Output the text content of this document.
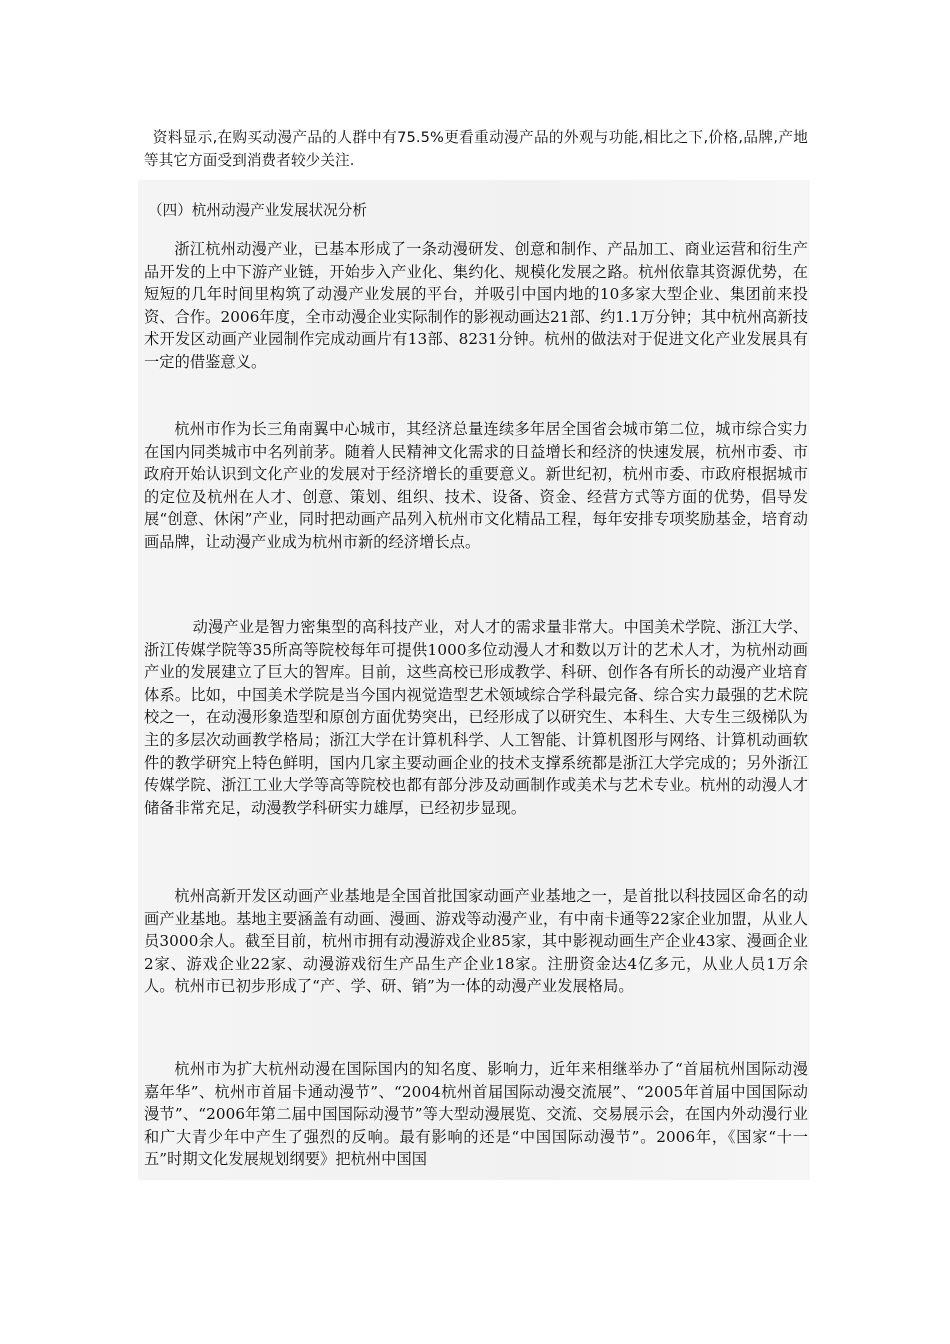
资料显示,在购买动漫产品的人群中有75.5%更看重动漫产品的外观与功能,相比之下,价格,品牌,产地等其它方面受到消费者较少关注.

（四）杭州动漫产业发展状况分析

浙江杭州动漫产业，已基本形成了一条动漫研发、创意和制作、产品加工、商业运营和衍生产品开发的上中下游产业链，开始步入产业化、集约化、规模化发展之路。杭州依靠其资源优势，在短短的几年时间里构筑了动漫产业发展的平台，并吸引中国内地的10多家大型企业、集团前来投资、合作。2006年度，全市动漫企业实际制作的影视动画达21部、约1.1万分钟；其中杭州高新技术开发区动画产业园制作完成动画片有13部、8231分钟。杭州的做法对于促进文化产业发展具有一定的借鉴意义。

杭州市作为长三角南翼中心城市，其经济总量连续多年居全国省会城市第二位，城市综合实力在国内同类城市中名列前茅。随着人民精神文化需求的日益增长和经济的快速发展，杭州市委、市政府开始认识到文化产业的发展对于经济增长的重要意义。新世纪初，杭州市委、市政府根据城市的定位及杭州在人才、创意、策划、组织、技术、设备、资金、经营方式等方面的优势，倡导发展“创意、休闲”产业，同时把动画产品列入杭州市文化精品工程，每年安排专项奖励基金，培育动画品牌，让动漫产业成为杭州市新的经济增长点。

动漫产业是智力密集型的高科技产业，对人才的需求量非常大。中国美术学院、浙江大学、浙江传媒学院等35所高等院校每年可提供1000多位动漫人才和数以万计的艺术人才，为杭州动画产业的发展建立了巨大的智库。目前，这些高校已形成教学、科研、创作各有所长的动漫产业培育体系。比如，中国美术学院是当今国内视觉造型艺术领域综合学科最完备、综合实力最强的艺术院校之一，在动漫形象造型和原创方面优势突出，已经形成了以研究生、本科生、大专生三级梯队为主的多层次动画教学格局；浙江大学在计算机科学、人工智能、计算机图形与网络、计算机动画软件的教学研究上特色鲜明，国内几家主要动画企业的技术支撑系统都是浙江大学完成的；另外浙江传媒学院、浙江工业大学等高等院校也都有部分涉及动画制作或美术与艺术专业。杭州的动漫人才储备非常充足，动漫教学科研实力雄厚，已经初步显现。

杭州高新开发区动画产业基地是全国首批国家动画产业基地之一，是首批以科技园区命名的动画产业基地。基地主要涵盖有动画、漫画、游戏等动漫产业，有中南卡通等22家企业加盟，从业人员3000余人。截至目前，杭州市拥有动漫游戏企业85家，其中影视动画生产企业43家、漫画企业2家、游戏企业22家、动漫游戏衍生产品生产企业18家。注册资金达4亿多元，从业人员1万余人。杭州市已初步形成了“产、学、研、销”为一体的动漫产业发展格局。

杭州市为扩大杭州动漫在国际国内的知名度、影响力，近年来相继举办了“首届杭州国际动漫嘉年华”、杭州市首届卡通动漫节”、“2004杭州首届国际动漫交流展”、“2005年首届中国国际动漫节”、“2006年第二届中国国际动漫节”等大型动漫展览、交流、交易展示会，在国内外动漫行业和广大青少年中产生了强烈的反响。最有影响的还是“中国国际动漫节”。2006年，《国家“十一五”时期文化发展规划纲要》把杭州中国国
